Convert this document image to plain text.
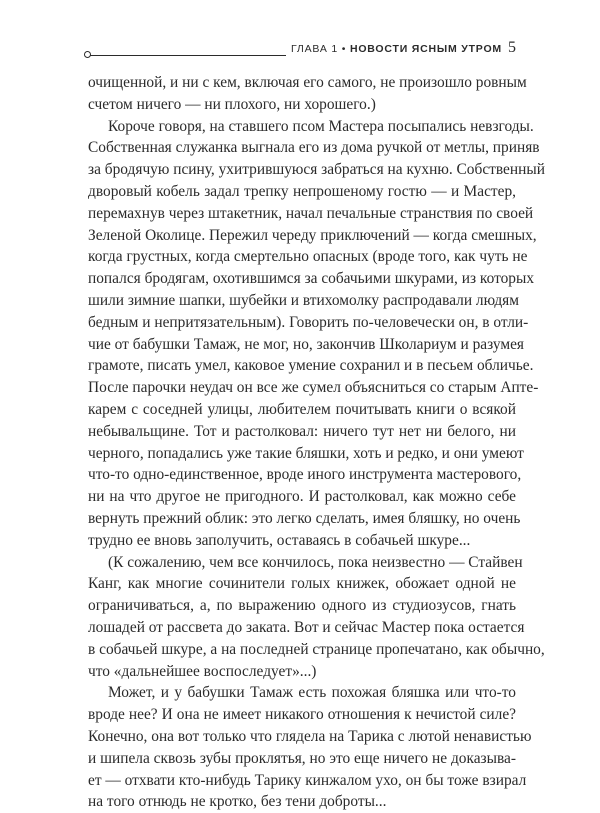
ГЛАВА 1 • НОВОСТИ ЯСНЫМ УТРОМ 5

очищенной, и ни с кем, включая его самого, не произошло ровным
счетом ничего — ни плохого, ни хорошего.)

Короче говоря, на ставшего псом Мастера посыпались невзгоды.
Собственная служанка выгнала его из дома ручкой от метлы, приняв
за бродячую псину, ухитрившуюся забраться на кухню. Собственный
дворовый кобель задал трепку непрошеному гостю — и Мастер,
перемахнув через штакетник, начал печальные странствия по своей
Зеленой Околице. Пережил череду приключений — когда смешных,
когда грустных, когда смертельно опасных (вроде того, как чуть не
попался бродягам, охотившимся за собачьими шкурами, из которых
шили зимние шапки, шубейки и втихомолку распродавали людям
бедным и непритязательным). Говорить по-человечески он, в отли-
чие от бабушки Тамаж, не мог, но, закончив Школариум и разумея
грамоте, писать умел, каковое умение сохранил и в песьем обличье.
После парочки неудач он все же сумел объясниться со старым Апте-
карем с соседней улицы, любителем почитывать книги о всякой
небывальщине. Тот и растолковал: ничего тут нет ни белого, ни
черного, попадались уже такие бляшки, хоть и редко, и они умеют
что-то одно-единственное, вроде иного инструмента мастерового,
ни на что другое не пригодного. И растолковал, как можно себе
вернуть прежний облик: это легко сделать, имея бляшку, но очень
трудно ее вновь заполучить, оставаясь в собачьей шкуре...

(К сожалению, чем все кончилось, пока неизвестно — Стайвен
Канг, как многие сочинители голых книжек, обожает одной не
ограничиваться, а, по выражению одного из студиозусов, гнать
лошадей от рассвета до заката. Вот и сейчас Мастер пока остается
в собачьей шкуре, а на последней странице пропечатано, как обычно,
что «дальнейшее воспоследует»...)

Может, и у бабушки Тамаж есть похожая бляшка или что-то
вроде нее? И она не имеет никакого отношения к нечистой силе?
Конечно, она вот только что глядела на Тарика с лютой ненавистью
и шипела сквозь зубы проклятья, но это еще ничего не доказыва-
ет — отхвати кто-нибудь Тарику кинжалом ухо, он бы тоже взирал
на того отнюдь не кротко, без тени доброты...
